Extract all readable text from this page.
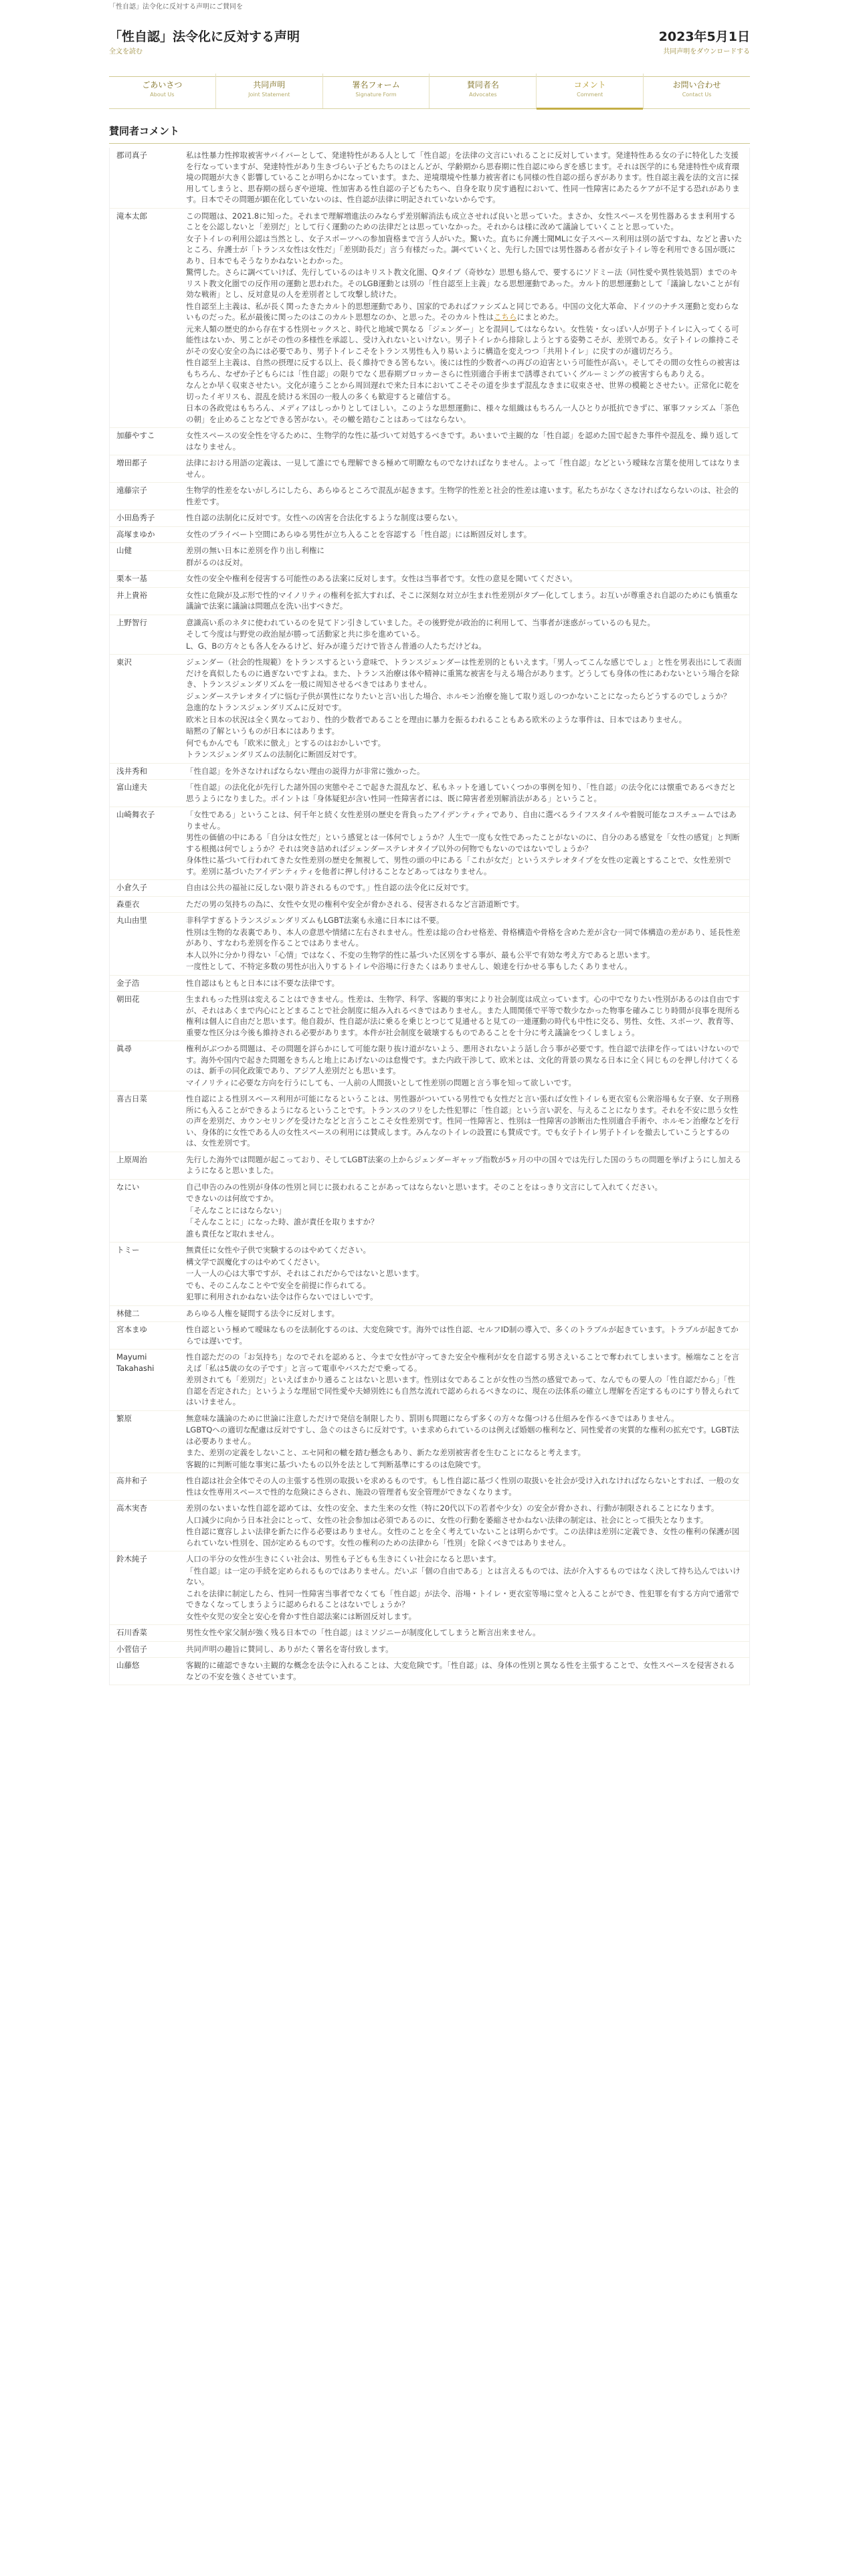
「性自認」法令化に反対する声明にご賛同を
「性自認」法令化に反対する声明
全文を読む
2023年5月1日
共同声明をダウンロードする
ごあいさつ
About Us
共同声明
Joint Statement
署名フォーム
Signature Form
賛同者名
Advocates
コメント
Comment
お問い合わせ
Contact Us
賛同者コメント
郡司真子	私は性暴力性搾取被害サバイバーとして、発達特性がある人として「性自認」を法律の文言にいれることに反対しています。発達特性ある女の子に特化した支援を行なっていますが、発達特性があり生きづらい子どもたちのほとんどが、学齢期から思春期に性自認にゆらぎを感じます。それは医学的にも発達特性や成育環境の問題が大きく影響していることが明らかになっています。また、逆境環境や性暴力被害者にも同様の性自認の揺らぎがあります。性自認主義を法的文言に採用してしまうと、思春期の揺らぎや逆境、性加害ある性自認の子どもたちへ、自身を取り戻す過程において、性同一性障害にあたるケアが不足する恐れがあります。日本でその問題が顕在化していないのは、性自認が法律に明記されていないからです。

滝本太郎	この問題は、2021.8に知った。それまで理解増進法のみならず差別解消法も成立させれば良いと思っていた。まさか、女性スペースを男性器あるまま利用することを公認しないと「差別だ」として行く運動のための法律だとは思っていなかった。それからは様に改めて議論していくことと思っていた。

女子トイレの利用公認は当然とし、女子スポーツへの参加資格まで言う人がいた。驚いた。直ちに弁護士聞MLに女子スペース利用は別の話ですね、などと書いたところ、弁護士が「トランス女性は女性だ」「差別助長だ」言う有様だった。調べていくと、先行した国では男性器ある者が女子トイレ等を利用できる国が既にあり、日本でもそうなりかねないとわかった。

驚愕した。さらに調べていけば、先行しているのはキリスト教文化圏、Qタイプ（奇妙な）思想も絡んで、要するにソドミー法（同性愛や異性装処罰）までのキリスト教文化圏での反作用の運動と思われた。そのLGB運動とは別の「性自認至上主義」なる思想運動であった。カルト的思想運動として「議論しないことが有効な戦術」とし、反対意見の人を差別者として攻撃し続けた。

性自認至上主義は、私が長く関ったきたカルト的思想運動であり、国家的であればファシズムと同じである。中国の文化大革命、ドイツのナチス運動と変わらないものだった。私が最後に関ったのはこのカルト思想なのか、と思った。そのカルト性はこちらにまとめた。

元来人類の歴史的から存在する性別セックスと、時代と地域で異なる「ジェンダー」とを混同してはならない。女性装・女っぽい人が男子トイレに入ってくる可能性はないか、男ことがその性の多様性を承認し、受け入れないといけない。男子トイレから排除しようとする姿勢こそが、差別である。女子トイレの維持こそがその安心安全の為には必要であり、男子トイレこそをトランス男性も入り易いように構造を変えつつ「共用トイレ」に戻すのが適切だろう。

性自認至上主義は、自然の摂理に反する以上、長く維持できる筈もない。後には性的少数者への再びの迫害という可能性が高い。そしてその間の女性らの被害はもちろん、なぜか子どもらには「性自認」の限りでなく思春期ブロッカーさらに性別適合手術まで誘導されていくグルーミングの被害すらもありえる。

なんとか早く収束させたい。文化が違うことから周回遅れで来た日本においてこそその道を歩まず混乱なきまに収束させ、世界の模範とさせたい。正常化に乾を切ったイギリスも、混乱を続ける米国の一般人の多くも歓迎すると確信する。

日本の各政党はもちろん、メディアはしっかりとしてほしい。このような思想運動に、様々な組織はもちろん一人ひとりが抵抗できずに、軍事ファシズム「茶色の朝」を止めることなどできる筈がない。その轍を踏むことはあってはならない。

加藤やすこ	女性スペースの安全性を守るために、生物学的な性に基づいて対処するべきです。あいまいで主観的な「性自認」を認めた国で起きた事件や混乱を、繰り返してはなりません。

増田都子	法律における用語の定義は、一見して誰にでも理解できる極めて明瞭なものでなければなりません。よって「性自認」などという曖昧な言葉を使用してはなりません。

遠藤宗子	生物学的性差をないがしろにしたら、あらゆるところで混乱が起きます。生物学的性差と社会的性差は違います。私たちがなくさなければならないのは、社会的性差です。

小田島秀子	性自認の法制化に反対です。女性への凶害を合法化するような制度は要らない。

高塚まゆか	女性のプライベート空間にあらゆる男性が立ち入ることを容認する「性自認」には断固反対します。

山健	差別の無い日本に差別を作り出し利権に

群がるのは反対。

栗本一基	女性の安全や権利を侵害する可能性のある法案に反対します。女性は当事者です。女性の意見を聞いてください。

井上貴裕	女性に危険が及ぶ形で性的マイノリティの権利を拡大すれば、そこに深刻な対立が生まれ性差別がタブー化してしまう。お互いが尊重され自認のためにも慎重な議論で法案に議論は問題点を洗い出すべきだ。

上野智行	意識高い系のネタに使われているのを見てドン引きしていました。その後野党が政治的に利用して、当事者が迷惑がっているのも見た。

そして今度は与野党の政治屋が勝って活動家と共に歩を進めている。

L、G、Bの方々とも各人をみるけど、好みが違うだけで皆さん普通の人たちだけどね。

東沢	ジェンダー（社会的性規範）をトランスするという意味で、トランスジェンダーは性差別的ともいえます。「男人ってこんな感じでしょ」と性を男表出にして表面だけを真似したものに過ぎないですよね。また、トランス治療は体や精神に重篤な被害を与える場合があります。どうしても身体の性にあわないという場合を除き、トランスジェンダリズムを一般に周知させるべきではありません。

ジェンダーステレオタイプに悩む子供が異性になりたいと言い出した場合、ホルモン治療を施して取り返しのつかないことになったらどうするのでしょうか？

急進的なトランスジェンダリズムに反対です。

欧米と日本の状況は全く異なっており、性的少数者であることを理由に暴力を振るわれることもある欧米のような事件は、日本ではありません。

暗黙の了解というものが日本にはあります。

何でもかんでも「欧米に倣え」とするのはおかしいです。

トランスジェンダリズムの法制化に断固反対です。

浅井秀和	「性自認」を外さなければならない理由の説得力が非常に強かった。

富山達夫	「性自認」の法化化が先行した諸外国の実態やそこで起きた混乱など、私もネットを通していくつかの事例を知り、「性自認」の法令化には懐重であるべきだと思うようになりました。ポイントは「身体疑犯が含い性同一性障害者には、既に障害者差別解消法がある」ということ。

山崎舞衣子	「女性である」ということは、何千年と続く女性差別の歴史を背負ったアイデンティティであり、自由に選べるライフスタイルや着脱可能なコスチュームではありません。

男性の価値の中にある「自分は女性だ」という感覚とは一体何でしょうか？人生で一度も女性であったことがないのに、自分のある感覚を「女性の感覚」と判断する根拠は何でしょうか？それは突き詰めればジェンダーステレオタイプ以外の何物でもないのではないでしょうか？

身体性に基づいて行われてきた女性差別の歴史を無視して、男性の頭の中にある「これが女だ」というステレオタイプを女性の定義とすることで、女性差別です。差別に基づいたアイデンティティを他者に押し付けることなどあってはなりません。

小倉久子	自由は公共の福祉に反しない限り許されるものです。」性自認の法令化に反対です。

森亜衣	ただの男の気持ちの為に、女性や女児の権利や安全が脅かされる、侵害されるなど言語道断です。

丸山由里	非科学すぎるトランスジェンダリズムもLGBT法案も永遠に日本には不要。

性別は生物的な表裏であり、本人の意思や情緒に左右されません。性差は総の合わせ格差、骨格構造や骨格を含めた差が含む一同で体構造の差があり、延長性差があり、すなわち差別を作ることではありません。

本人以外に分かり得ない「心情」ではなく、不変の生物学的性に基づいた区別をする事が、最も公平で有効な考え方であると思います。

一度性として、不特定多数の男性が出入りするトイレや浴場に行きたくはありませんし、娘達を行かせる事もしたくありません。

金子浩	性自認はもともと日本には不要な法律です。

朝田花	生まれもった性別は変えることはできません。性差は、生物学、科学、客観的事実により社会制度は成立っています。心の中でなりたい性別があるのは自由ですが、それはあくまで内心にとどまることで社会制度に組み入れるべきではありません。また人間関係で平等で数少なかった物事を確みこじり時間が良事を現所る権利は個人に自由だと思います。他自殺が、性自認が法に乗るを乗じとつじて見通せると見ての一連運動の時代も中性に交る、男性、女性、スポーツ、教育等、重要な性区分は今後も維持される必要があります。本件が社会制度を破壊するものであることを十分に考え議論をつくしましょう。

眞尋	権利がぶつかる問題は、その問題を詳らかにして可能な限り抜け道がないよう、悪用されないよう話し合う事が必要です。性自認で法律を作ってはいけないのです。海外や国内で起きた問題をきちんと地上にあげないのは怠慢です。また内政干渉して、欧米とは、文化的背景の異なる日本に全く同じものを押し付けてくるのは、新手の同化政策であり、アジア人差別だとも思います。

マイノリティに必要な方向を行うにしても、一人前の人間扱いとして性差別の問題と言う事を知って欲しいです。

喜古日菜	性自認による性別スペース利用が可能になるということは、男性器がついている男性でも女性だと言い張れば女性トイレも更衣室も公衆浴場も女子寮、女子刑務所にも入ることができるようになるということです。トランスのフリをした性犯罪に「性自認」という言い訳を、与えることになります。それを不安に思う女性の声を差別だ、カウンセリングを受けたなどと言うことこそ女性差別です。性同一性障害と、性別は一性障害の診断出た性別適合手術や、ホルモン治療などを行い、身体的に女性である人の女性スペースの利用には賛成します。みんなのトイレの設置にも賛成です。でも女子トイレ男子トイレを撤去していこうとするのは、女性差別です。

上原周治	先行した海外では問題が起こっており、そしてLGBT法案の上からジェンダーギャップ指数が5ヶ月の中の国々では先行した国のうちの問題を挙げようにし加えるようになると思いました。

なにい	自己申告のみの性別が身体の性別と同じに扱われることがあってはならないと思います。そのことをはっきり文言にして入れてください。

できないのは何故ですか。

「そんなことにはならない」

「そんなことに」になった時、誰が責任を取りますか？

誰も責任など取れません。

トミー	無責任に女性や子供で実験するのはやめてください。

構文学で誤魔化すのはやめてください。

一人一人の心は大事ですが、それはこれだからではないと思います。

でも、そのこんなことやで安全を前提に作られてる。

犯罪に利用されかねない法令は作らないでほしいです。

林健二	あらゆる人権を疑問する法令に反対します。

宮本まゆ	性自認という極めて曖昧なものを法制化するのは、大変危険です。海外では性自認、セルフID制の導入で、多くのトラブルが起きています。トラブルが起きてからでは遅いです。

Mayumi Takahashi

性自認ただのの「お気持ち」なのでそれを認めると、今まで女性が守ってきた安全や権利が女を自認する男さえいることで奪われてしまいます。極端なことを言えば「私は5歳の女の子です」と言って電車やバスただで乗ってる。

差別されても「差別だ」といえばまかり通ることはないと思います。性別は女であることが女性の当然の感覚であって、なんでもの要人の「性自認だから」「性自認を否定された」というような理屈で同性愛や夫婦別姓にも自然な流れで認められるべきなのに、現在の法体系の確立し理解を否定するものにすり替えられてはいけません。

繁原	無意味な議論のために世論に注意しただけで発信を制限したり、罰則も問題にならず多くの方々な傷つける仕組みを作るべきではありません。

LGBTQへの適切な配慮は反対ですし、急ぐのはさらに反対です。いま求められているのは例えば婚姻の権利など、同性愛者の実質的な権利の拡充です。LGBT法は必要ありません。

また、差別の定義をしないこと、エセ同和の轍を踏む懸念もあり、新たな差別被害者を生むことになると考えます。

客観的に判断可能な事実に基づいたもの以外を法として判断基準にするのは危険です。

高井和子	性自認は社会全体でその人の主張する性別の取扱いを求めるものです。もし性自認に基づく性別の取扱いを社会が受け入れなければならないとすれば、一般の女性は女性専用スペースで性的な危険にさらされ、施設の管理者も安全管理ができなくなります。

高木実杏	差別のないまいな性自認を認めては、女性の安全、また生来の女性（特に20代以下の若者や少女）の安全が脅かされ、行動が制限されることになります。

人口減少に向かう日本社会にとって、女性の社会参加は必須であるのに、女性の行動を萎縮させかねない法律の制定は、社会にとって損失となります。

性自認に寛容しよい法律を新たに作る必要はありません。女性のことを全く考えていないことは明らかです。この法律は差別に定義でき、女性の権利の保護が図られていない性別を、国が定めるものです。女性の権利のための法律から「性別」を除くべきではありません。

鈴木純子	人口の半分の女性が生きにくい社会は、男性も子どもも生きにくい社会になると思います。

「性自認」は一定の手続を定められるものではありません。だいぶ「個の自由である」とは言えるものでは、法が介入するものではなく決して持ち込んではいけない。

これを法律に制定したら、性同一性障害当事者でなくても「性自認」が法令、浴場・トイレ・更衣室等場に堂々と入ることができ、性犯罪を有する方向で通常でできなくなってしまうように認められることはないでしょうか？

女性や女児の安全と安心を脅かす性自認法案には断固反対します。

石川香菜	男性女性や家父制が強く残る日本での「性自認」はミソジニーが制度化してしまうと断言出来ません。

小菅信子	共同声明の趣旨に賛同し、ありがたく署名を寄付致します。

山藤悠	客観的に確認できない主観的な概念を法令に入れることは、大変危険です。「性自認」は、身体の性別と異なる性を主張することで、女性スペースを侵害されるなどの不安を強くさせています。
